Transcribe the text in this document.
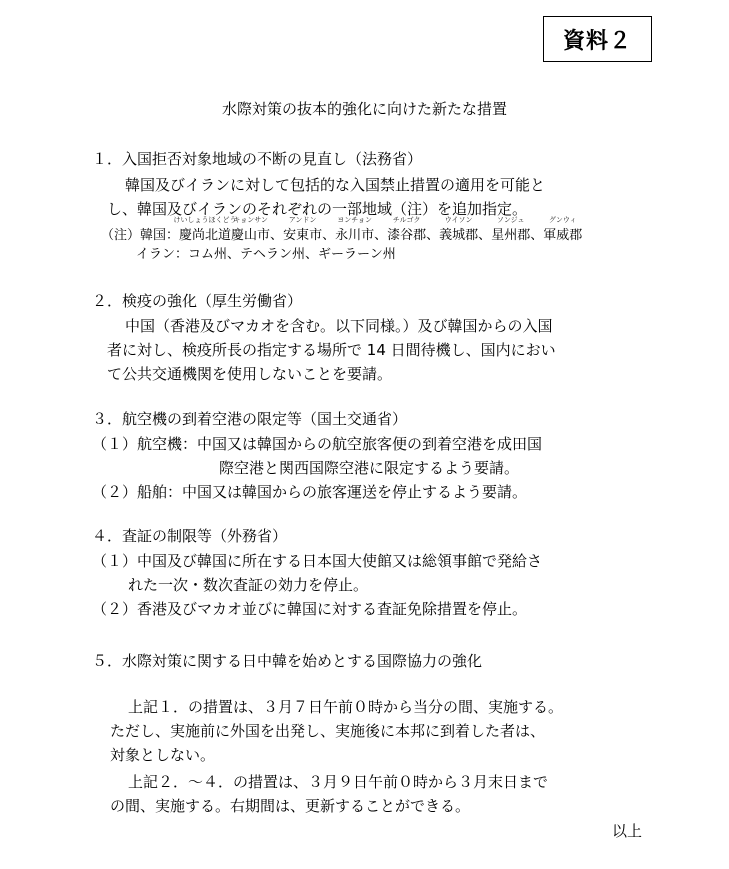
資料２
水際対策の抜本的強化に向けた新たな措置
１．入国拒否対象地域の不断の見直し（法務省）
韓国及びイランに対して包括的な入国禁止措置の適用を可能と
し、韓国及びイランのそれぞれの一部地域（注）を追加指定。
（注）韓国：慶尚北道
けいしょうほくどう
慶山市
キョンサン
、安東市
アンドン
、永川市
ヨンチョン
、漆谷郡
チルゴク
、義城郡
ウイソン
、星州郡
ソンジュ
、軍威郡
グンウィ
イラン：コム州、テヘラン州、ギーラーン州
２．検疫の強化（厚生労働省）
中国（香港及びマカオを含む。以下同様。）及び韓国からの入国
者に対し、検疫所長の指定する場所で 14 日間待機し、国内におい
て公共交通機関を使用しないことを要請。
３．航空機の到着空港の限定等（国土交通省）
（１）航空機：中国又は韓国からの航空旅客便の到着空港を成田国
際空港と関西国際空港に限定するよう要請。
（２）船舶：中国又は韓国からの旅客運送を停止するよう要請。
４．査証の制限等（外務省）
（１）中国及び韓国に所在する日本国大使館又は総領事館で発給さ
れた一次・数次査証の効力を停止。
（２）香港及びマカオ並びに韓国に対する査証免除措置を停止。
５．水際対策に関する日中韓を始めとする国際協力の強化
上記１．の措置は、３月７日午前０時から当分の間、実施する。
ただし、実施前に外国を出発し、実施後に本邦に到着した者は、
対象としない。
上記２．～４．の措置は、３月９日午前０時から３月末日まで
の間、実施する。右期間は、更新することができる。
以上
